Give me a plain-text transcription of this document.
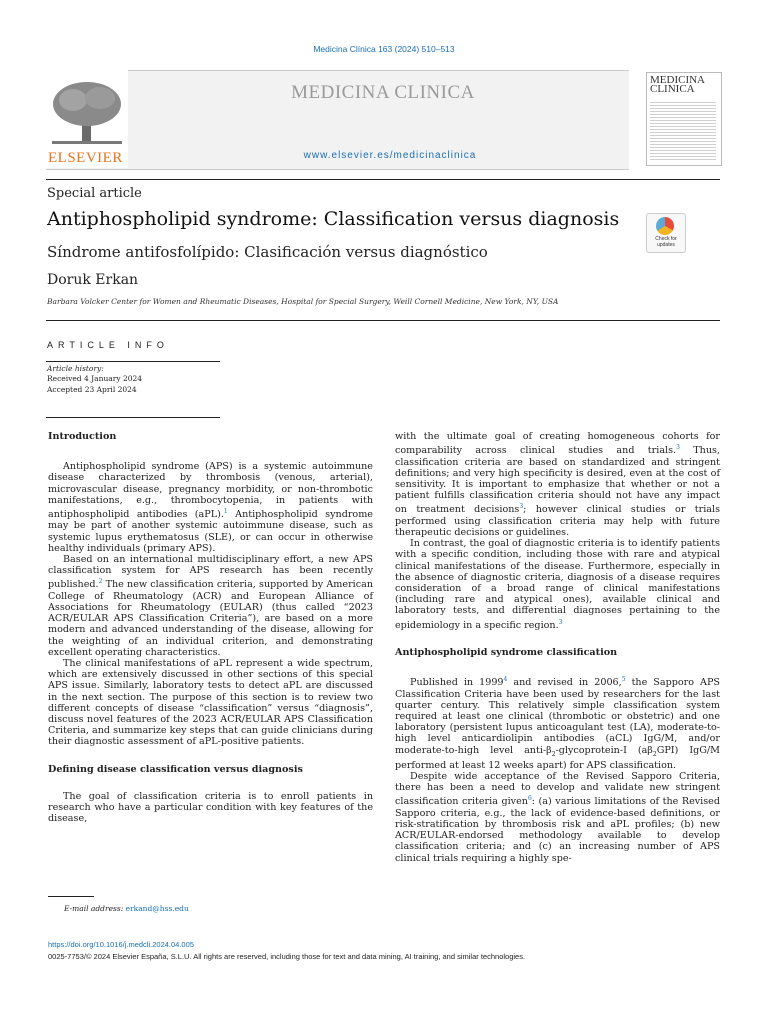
Medicina Clínica 163 (2024) 510–513
ELSEVIER
MEDICINA CLINICA
www.elsevier.es/medicinaclinica
MEDICINA CLINICA
Special article
Antiphospholipid syndrome: Classification versus diagnosis
Síndrome antifosfolípido: Clasificación versus diagnóstico
Doruk Erkan
Barbara Volcker Center for Women and Rheumatic Diseases, Hospital for Special Surgery, Weill Cornell Medicine, New York, NY, USA
Check for updates
ARTICLE INFO
Article history:
Received 4 January 2024
Accepted 23 April 2024
Introduction

Antiphospholipid syndrome (APS) is a systemic autoimmune disease characterized by thrombosis (venous, arterial), microvascular disease, pregnancy morbidity, or non-thrombotic manifestations, e.g., thrombocytopenia, in patients with antiphospholipid antibodies (aPL).$^1$ Antiphospholipid syndrome may be part of another systemic autoimmune disease, such as systemic lupus erythematosus (SLE), or can occur in otherwise healthy individuals (primary APS).

Based on an international multidisciplinary effort, a new APS classification system for APS research has been recently published.$^2$ The new classification criteria, supported by American College of Rheumatology (ACR) and European Alliance of Associations for Rheumatology (EULAR) (thus called “2023 ACR/EULAR APS Classification Criteria”), are based on a more modern and advanced understanding of the disease, allowing for the weighting of an individual criterion, and demonstrating excellent operating characteristics.

The clinical manifestations of aPL represent a wide spectrum, which are extensively discussed in other sections of this special APS issue. Similarly, laboratory tests to detect aPL are discussed in the next section. The purpose of this section is to review two different concepts of disease “classification” versus “diagnosis”, discuss novel features of the 2023 ACR/EULAR APS Classification Criteria, and summarize key steps that can guide clinicians during their diagnostic assessment of aPL-positive patients.

Defining disease classification versus diagnosis

The goal of classification criteria is to enroll patients in research who have a particular condition with key features of the disease,

with the ultimate goal of creating homogeneous cohorts for comparability across clinical studies and trials.$^3$ Thus, classification criteria are based on standardized and stringent definitions; and very high specificity is desired, even at the cost of sensitivity. It is important to emphasize that whether or not a patient fulfills classification criteria should not have any impact on treatment decisions$^3$; however clinical studies or trials performed using classification criteria may help with future therapeutic decisions or guidelines.

In contrast, the goal of diagnostic criteria is to identify patients with a specific condition, including those with rare and atypical clinical manifestations of the disease. Furthermore, especially in the absence of diagnostic criteria, diagnosis of a disease requires consideration of a broad range of clinical manifestations (including rare and atypical ones), available clinical and laboratory tests, and differential diagnoses pertaining to the epidemiology in a specific region.$^3$

Antiphospholipid syndrome classification

Published in 1999$^4$ and revised in 2006,$^5$ the Sapporo APS Classification Criteria have been used by researchers for the last quarter century. This relatively simple classification system required at least one clinical (thrombotic or obstetric) and one laboratory (persistent lupus anticoagulant test (LA), moderate-to-high level anticardiolipin antibodies (aCL) IgG/M, and/or moderate-to-high level anti-$\beta_2-glycoprotein-I$ $(a\beta_2GPI)$ IgG/M performed at least 12 weeks apart) for APS classification.

Despite wide acceptance of the Revised Sapporo Criteria, there has been a need to develop and validate new stringent classification criteria given$^6$: (a) various limitations of the Revised Sapporo criteria, e.g., the lack of evidence-based definitions, or risk-stratification by thrombosis risk and aPL profiles; (b) new ACR/EULAR-endorsed methodology available to develop classification criteria; and (c) an increasing number of APS clinical trials requiring a highly spe-

E-mail address: erkand@hss.edu
https://doi.org/10.1016/j.medcli.2024.04.005
0025-7753/© 2024 Elsevier España, S.L.U. All rights are reserved, including those for text and data mining, AI training, and similar technologies.
